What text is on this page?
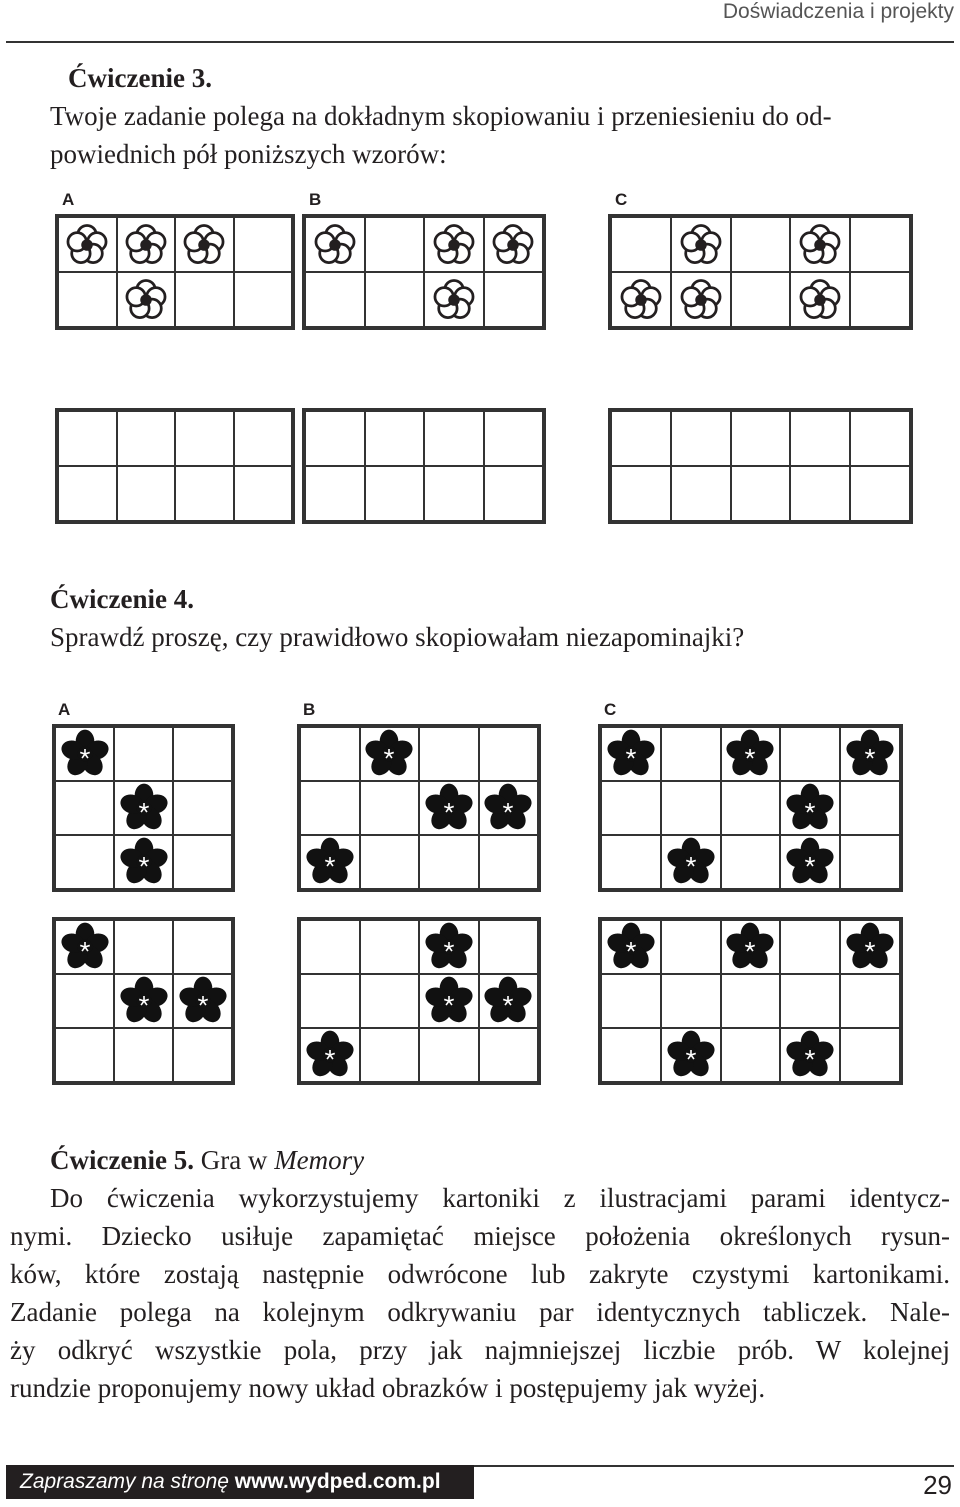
Doświadczenia i projekty
Ćwiczenie 3.
Twoje zadanie polega na dokładnym skopiowaniu i przeniesieniu do od-
powiednich pół poniższych wzorów:
A	B	C
Ćwiczenie 4.
Sprawdź proszę, czy prawidłowo skopiowałam niezapominajki?
A	B	C
Ćwiczenie 5. Gra w Memory
Do ćwiczenia wykorzystujemy kartoniki z ilustracjami parami identycz-
nymi. Dziecko usiłuje zapamiętać miejsce położenia określonych rysun-
ków, które zostają następnie odwrócone lub zakryte czystymi kartonikami.
Zadanie polega na kolejnym odkrywaniu par identycznych tabliczek. Nale-
ży odkryć wszystkie pola, przy jak najmniejszej liczbie prób. W kolejnej
rundzie proponujemy nowy układ obrazków i postępujemy jak wyżej.
Zapraszamy na stronę www.wydped.com.pl	29
